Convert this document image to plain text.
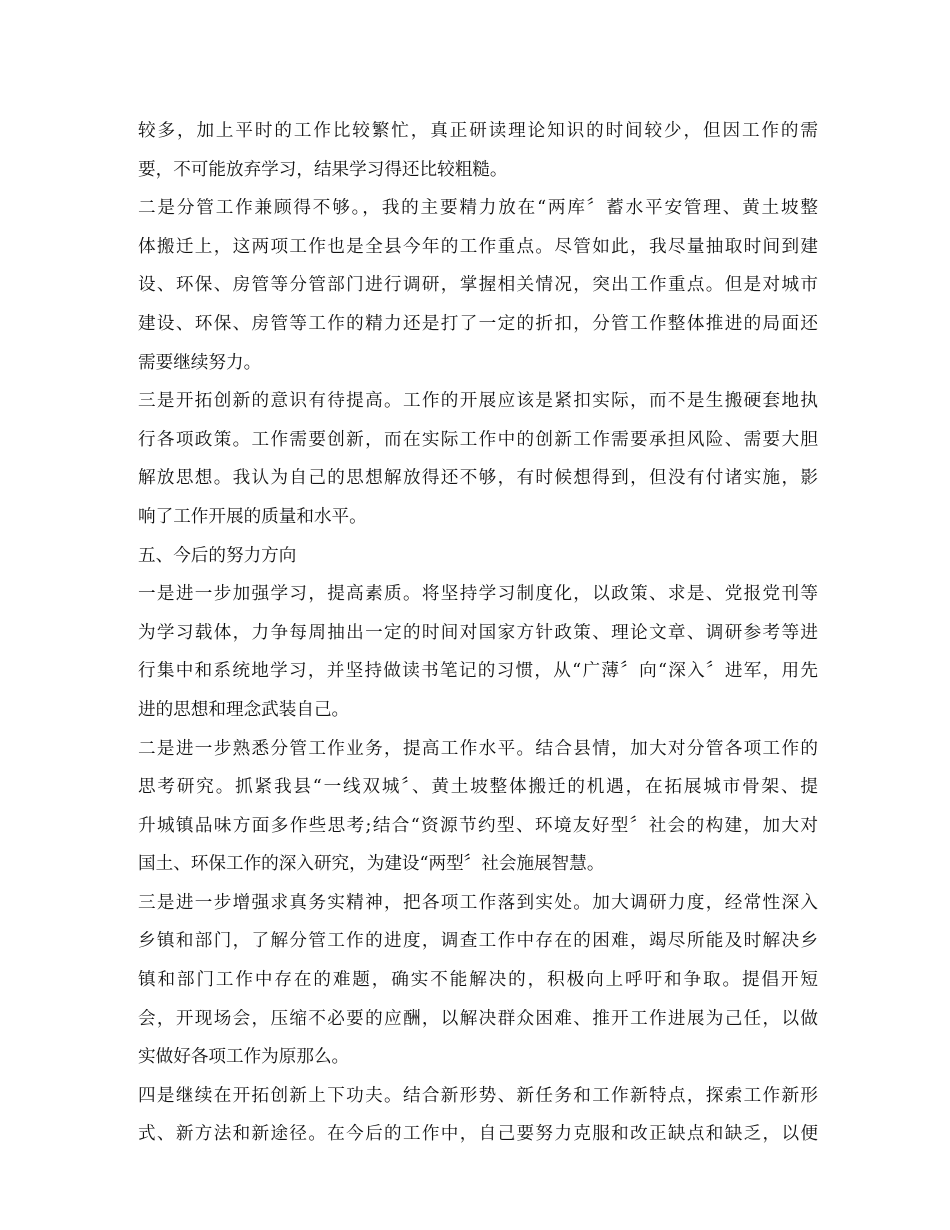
较多，加上平时的工作比较繁忙，真正研读理论知识的时间较少，但因工作的需
要，不可能放弃学习，结果学习得还比较粗糙。
二是分管工作兼顾得不够。，我的主要精力放在“两库〞蓄水平安管理、黄土坡整
体搬迁上，这两项工作也是全县今年的工作重点。尽管如此，我尽量抽取时间到建
设、环保、房管等分管部门进行调研，掌握相关情况，突出工作重点。但是对城市
建设、环保、房管等工作的精力还是打了一定的折扣，分管工作整体推进的局面还
需要继续努力。
三是开拓创新的意识有待提高。工作的开展应该是紧扣实际，而不是生搬硬套地执
行各项政策。工作需要创新，而在实际工作中的创新工作需要承担风险、需要大胆
解放思想。我认为自己的思想解放得还不够，有时候想得到，但没有付诸实施，影
响了工作开展的质量和水平。
五、今后的努力方向
一是进一步加强学习，提高素质。将坚持学习制度化，以政策、求是、党报党刊等
为学习载体，力争每周抽出一定的时间对国家方针政策、理论文章、调研参考等进
行集中和系统地学习，并坚持做读书笔记的习惯，从“广薄〞向“深入〞进军，用先
进的思想和理念武装自己。
二是进一步熟悉分管工作业务，提高工作水平。结合县情，加大对分管各项工作的
思考研究。抓紧我县“一线双城〞、黄土坡整体搬迁的机遇，在拓展城市骨架、提
升城镇品味方面多作些思考;结合“资源节约型、环境友好型〞社会的构建，加大对
国土、环保工作的深入研究，为建设“两型〞社会施展智慧。
三是进一步增强求真务实精神，把各项工作落到实处。加大调研力度，经常性深入
乡镇和部门，了解分管工作的进度，调查工作中存在的困难，竭尽所能及时解决乡
镇和部门工作中存在的难题，确实不能解决的，积极向上呼吁和争取。提倡开短
会，开现场会，压缩不必要的应酬，以解决群众困难、推开工作进展为己任，以做
实做好各项工作为原那么。
四是继续在开拓创新上下功夫。结合新形势、新任务和工作新特点，探索工作新形
式、新方法和新途径。在今后的工作中，自己要努力克服和改正缺点和缺乏，以便
